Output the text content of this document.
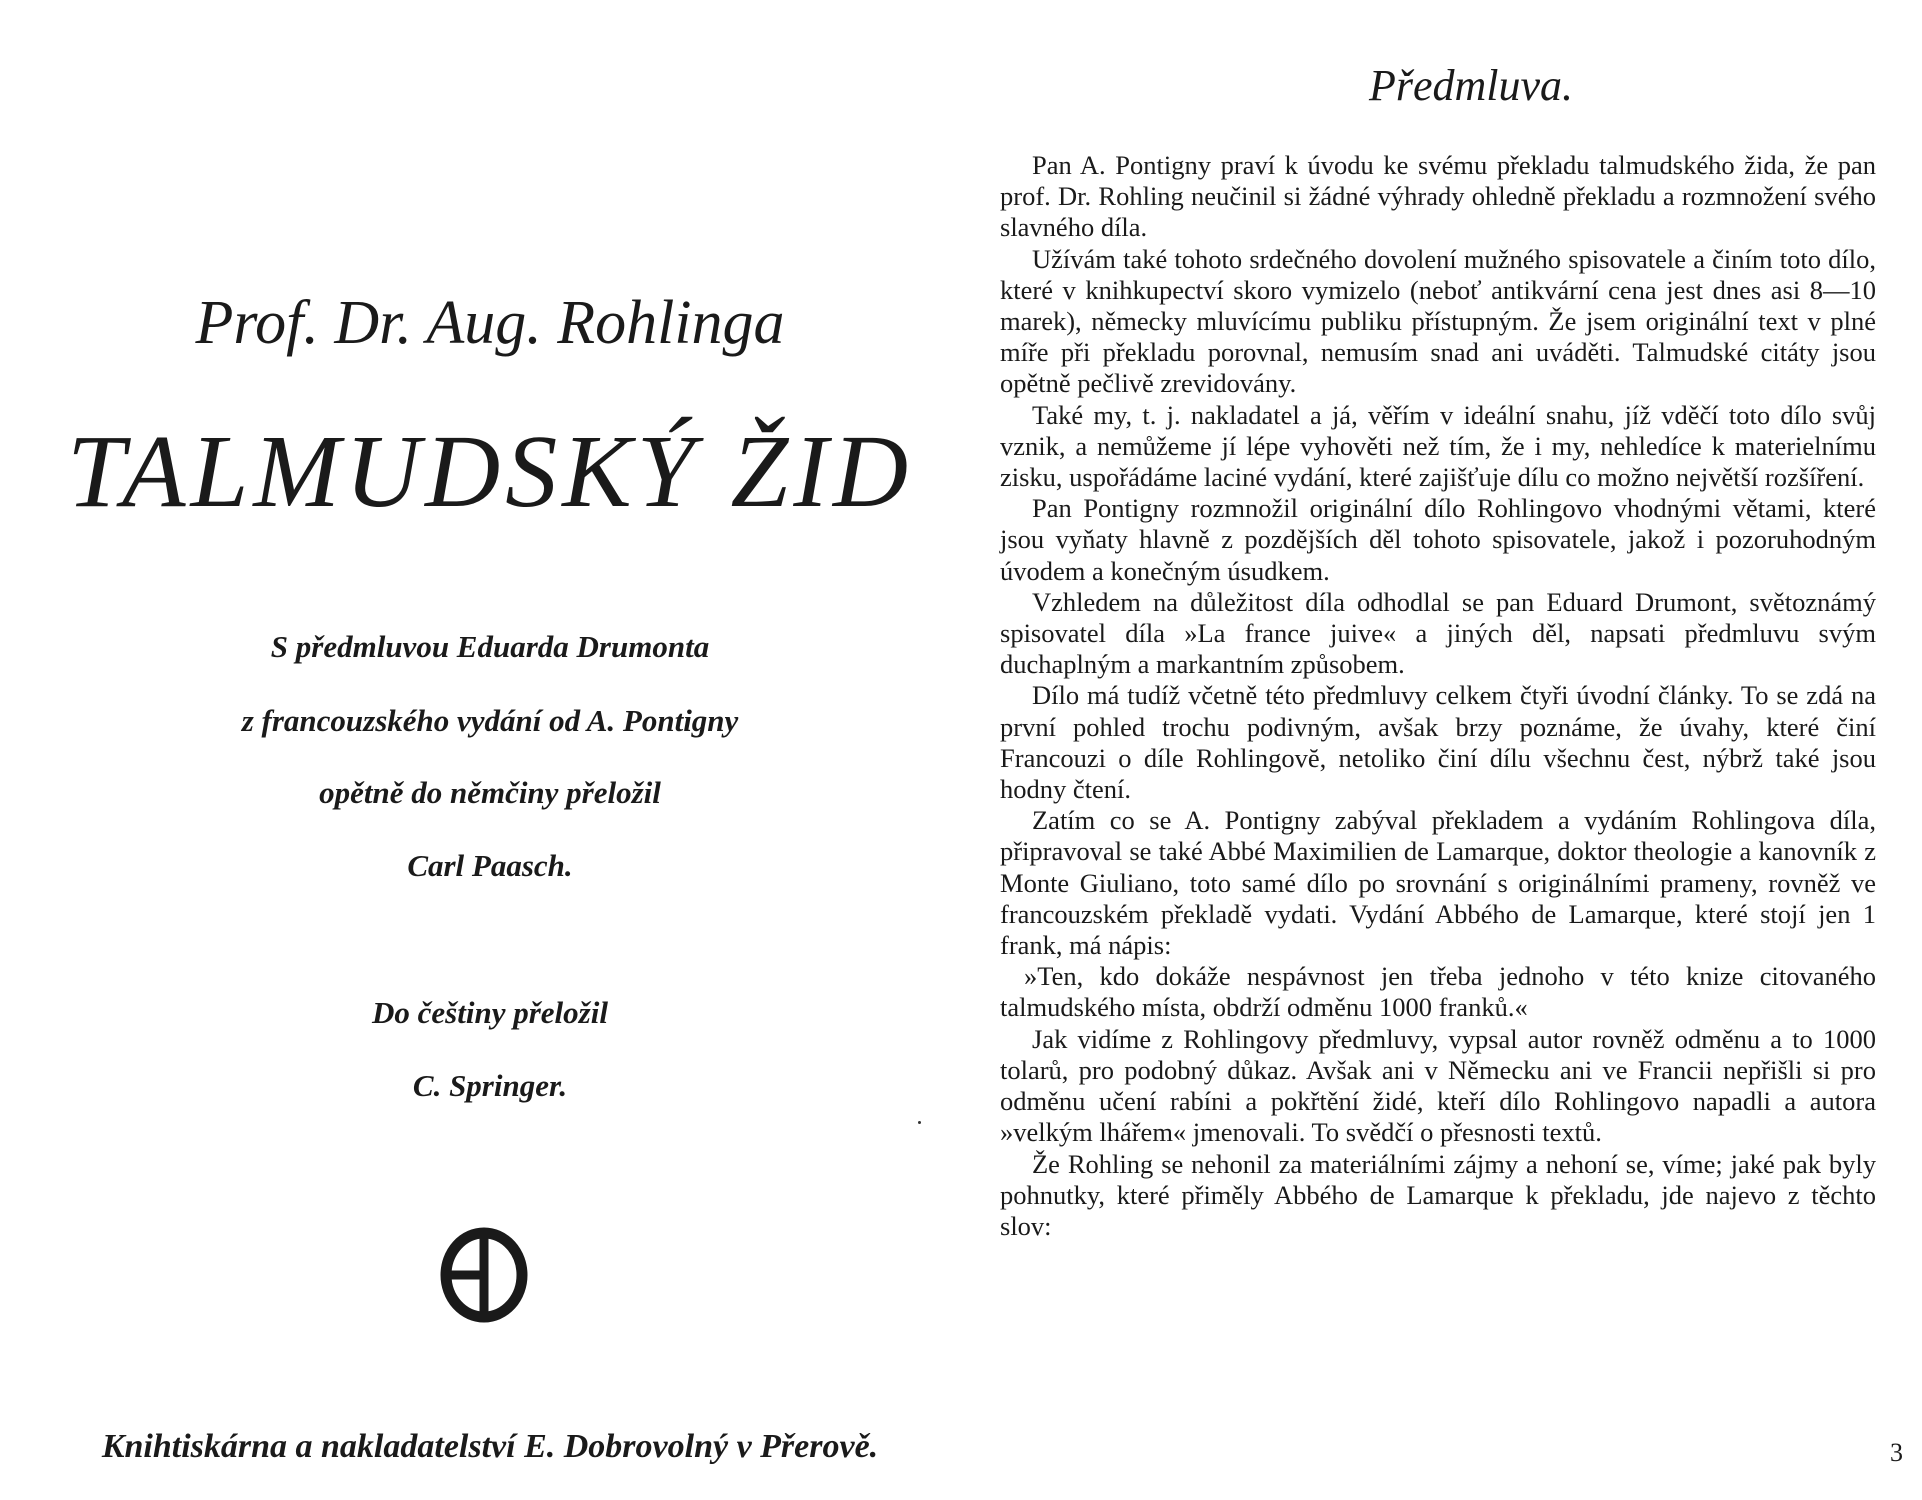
Prof. Dr. Aug. Rohlinga
TALMUDSKÝ ŽID
S předmluvou Eduarda Drumonta
z francouzského vydání od A. Pontigny
opětně do němčiny přeložil
Carl Paasch.
Do češtiny přeložil
C. Springer.
Knihtiskárna a nakladatelství E. Dobrovolný v Přerově.
Předmluva.

Pan A. Pontigny praví k úvodu ke svému překladu talmudského žida, že pan prof. Dr. Rohling neučinil si žádné výhrady ohledně překladu a rozmnožení svého slavného díla.

Užívám také tohoto srdečného dovolení mužného spisovatele a činím toto dílo, které v knihkupectví skoro vymizelo (neboť antikvární cena jest dnes asi 8—10 marek), německy mluvícímu publiku přístupným. Že jsem originální text v plné míře při překladu porovnal, nemusím snad ani uváděti. Talmudské citáty jsou opětně pečlivě zrevidovány.

Také my, t. j. nakladatel a já, věřím v ideální snahu, jíž vděčí toto dílo svůj vznik, a nemůžeme jí lépe vyhověti než tím, že i my, nehledíce k materielnímu zisku, uspořádáme laciné vydání, které zajišťuje dílu co možno největší rozšíření.

Pan Pontigny rozmnožil originální dílo Rohlingovo vhodnými větami, které jsou vyňaty hlavně z pozdějších děl tohoto spisovatele, jakož i pozoruhodným úvodem a konečným úsudkem.

Vzhledem na důležitost díla odhodlal se pan Eduard Drumont, světoznámý spisovatel díla »La france juive« a jiných děl, napsati předmluvu svým duchaplným a markantním způsobem.

Dílo má tudíž včetně této předmluvy celkem čtyři úvodní články. To se zdá na první pohled trochu podivným, avšak brzy poznáme, že úvahy, které činí Francouzi o díle Rohlingovĕ, netoliko činí dílu všechnu čest, nýbrž také jsou hodny čtení.

Zatím co se A. Pontigny zabýval překladem a vydáním Rohlingova díla, připravoval se také Abbé Maximilien de Lamarque, doktor theologie a kanovník z Monte Giuliano, toto samé dílo po srovnání s originálními prameny, rovněž ve francouzském překladě vydati. Vydání Abbého de Lamarque, které stojí jen 1 frank, má nápis:

»Ten, kdo dokáže nespávnost jen třeba jednoho v této knize citovaného talmudského místa, obdrží odměnu 1000 franků.«

Jak vidíme z Rohlingovy předmluvy, vypsal autor rovněž odměnu a to 1000 tolarů, pro podobný důkaz. Avšak ani v Německu ani ve Francii nepřišli si pro odměnu učení rabíni a pokřtění židé, kteří dílo Rohlingovo napadli a autora »velkým lhářem« jmenovali. To svědčí o přesnosti textů.

Že Rohling se nehonil za materiálními zájmy a nehoní se, víme; jaké pak byly pohnutky, které přiměly Abbého de Lamarque k překladu, jde najevo z těchto slov:

3
